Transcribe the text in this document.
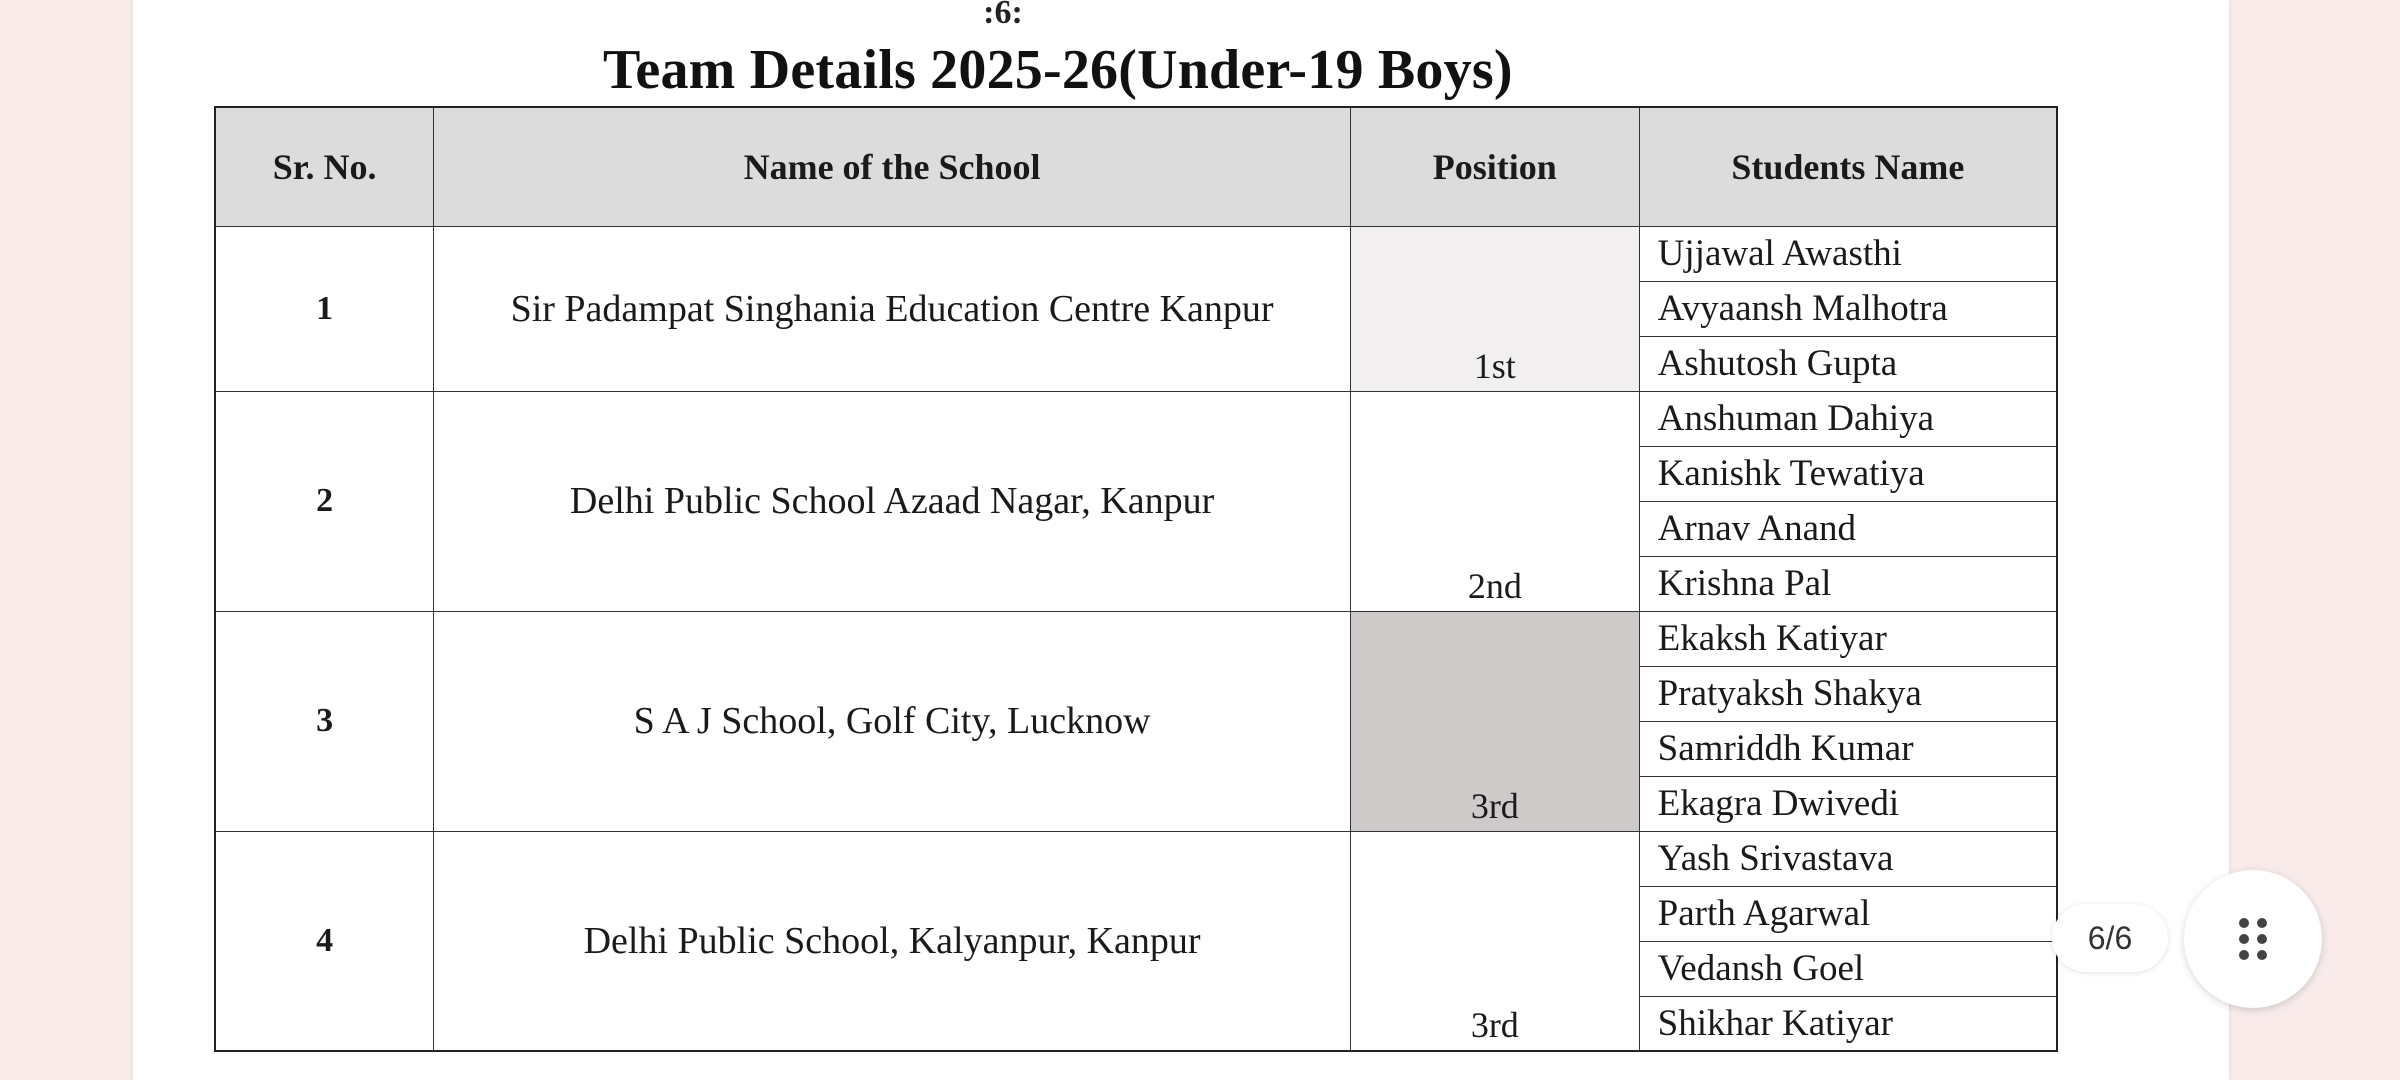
:6:
Team Details 2025-26(Under-19 Boys)
Sr. No.	Name of the School	Position	Students Name
1	Sir Padampat Singhania Education Centre Kanpur	1st	Ujjawal Awasthi
			Avyaansh Malhotra
			Ashutosh Gupta
2	Delhi Public School Azaad Nagar, Kanpur	2nd	Anshuman Dahiya
			Kanishk Tewatiya
			Arnav Anand
			Krishna Pal
3	S A J School, Golf City, Lucknow	3rd	Ekaksh Katiyar
			Pratyaksh Shakya
			Samriddh Kumar
			Ekagra Dwivedi
4	Delhi Public School, Kalyanpur, Kanpur	3rd	Yash Srivastava
			Parth Agarwal
			Vedansh Goel
			Shikhar Katiyar
6/6
